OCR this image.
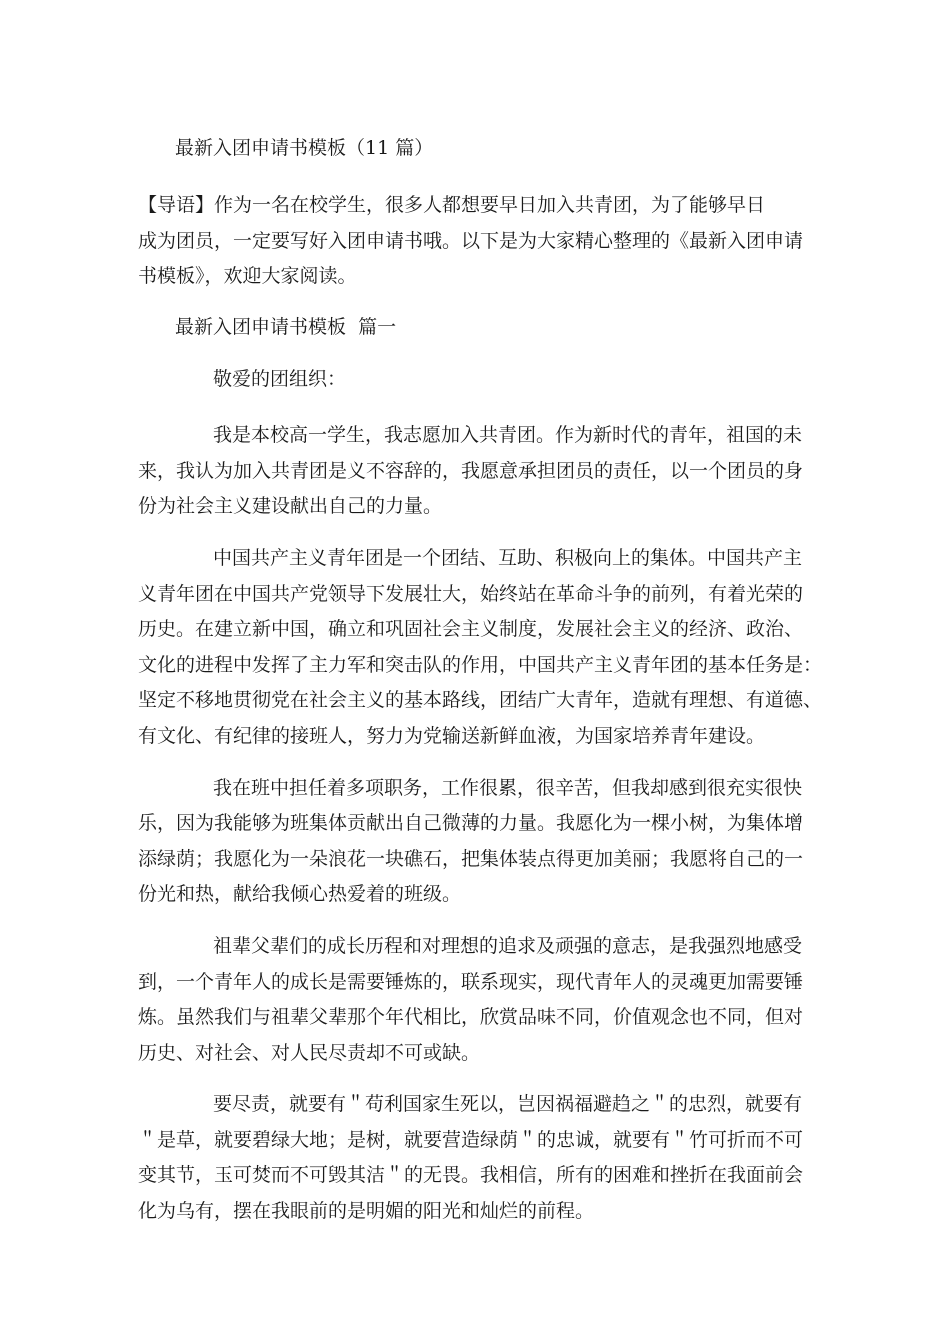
最新入团申请书模板（11 篇）

【导语】作为一名在校学生，很多人都想要早日加入共青团，为了能够早日

成为团员，一定要写好入团申请书哦。以下是为大家精心整理的《最新入团申请

书模板》，欢迎大家阅读。

最新入团申请书模板  篇一

敬爱的团组织：

我是本校高一学生，我志愿加入共青团。作为新时代的青年，祖国的未

来，我认为加入共青团是义不容辞的，我愿意承担团员的责任，以一个团员的身

份为社会主义建设献出自己的力量。

中国共产主义青年团是一个团结、互助、积极向上的集体。中国共产主

义青年团在中国共产党领导下发展壮大，始终站在革命斗争的前列，有着光荣的

历史。在建立新中国，确立和巩固社会主义制度，发展社会主义的经济、政治、

文化的进程中发挥了主力军和突击队的作用，中国共产主义青年团的基本任务是：

坚定不移地贯彻党在社会主义的基本路线，团结广大青年，造就有理想、有道德、

有文化、有纪律的接班人，努力为党输送新鲜血液，为国家培养青年建设。

我在班中担任着多项职务，工作很累，很辛苦，但我却感到很充实很快

乐，因为我能够为班集体贡献出自己微薄的力量。我愿化为一棵小树，为集体增

添绿荫；我愿化为一朵浪花一块礁石，把集体装点得更加美丽；我愿将自己的一

份光和热，献给我倾心热爱着的班级。

祖辈父辈们的成长历程和对理想的追求及顽强的意志，是我强烈地感受

到，一个青年人的成长是需要锤炼的，联系现实，现代青年人的灵魂更加需要锤

炼。虽然我们与祖辈父辈那个年代相比，欣赏品味不同，价值观念也不同，但对

历史、对社会、对人民尽责却不可或缺。

要尽责，就要有＂苟利国家生死以，岂因祸福避趋之＂的忠烈，就要有

＂是草，就要碧绿大地；是树，就要营造绿荫＂的忠诚，就要有＂竹可折而不可

变其节，玉可焚而不可毁其洁＂的无畏。我相信，所有的困难和挫折在我面前会

化为乌有，摆在我眼前的是明媚的阳光和灿烂的前程。
